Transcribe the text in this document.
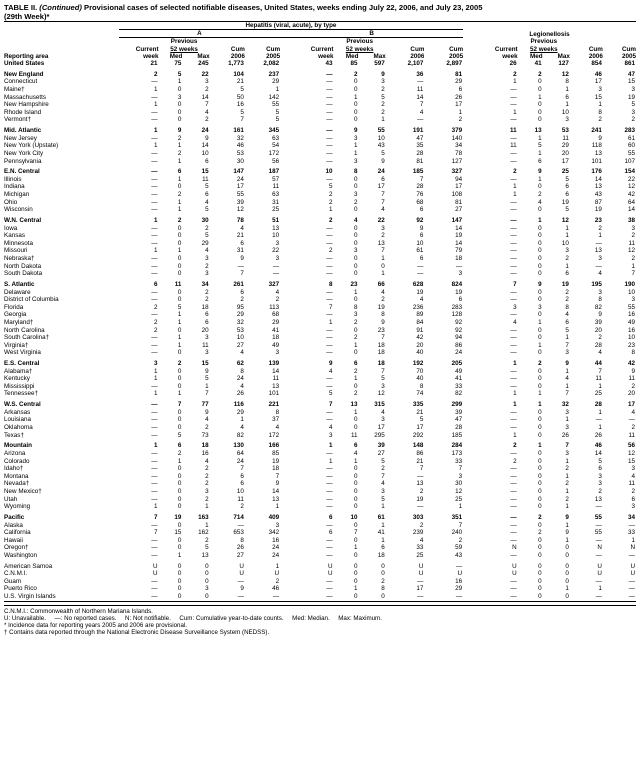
TABLE II. (Continued) Provisional cases of selected notifiable diseases, United States, weeks ending July 22, 2006, and July 23, 2005
(29th Week)*
	Hepatitis (viral, acute), by type										Legionellosis				
	A					B									
		Previous					Previous					Previous			
	Current	52 weeks		Cum	Cum	Current	52 weeks		Cum	Cum	Current	52 weeks		Cum	Cum
Reporting area	week	Med	Max	2006	2005	week	Med	Max	2006	2005	week	Med	Max	2006	2005
United States	21	75	245	1,773	2,082	43	85	597	2,107	2,897	26	41	127	854	861
New England	2	5	22	104	237	—	2	9	36	81	2	2	12	46	47
Connecticut	—	1	3	21	29	—	0	3	—	29	1	0	8	17	15
Maine†	1	0	2	5	1	—	0	2	11	6	—	0	1	3	3
Massachusetts	—	3	14	50	142	—	1	5	14	26	—	1	6	15	19
New Hampshire	1	0	7	16	55	—	0	2	7	17	—	0	1	1	5
Rhode Island	—	0	4	5	5	—	0	2	4	1	1	0	10	8	3
Vermont†	—	0	2	7	5	—	0	1	—	2	—	0	3	2	2
Mid. Atlantic	1	9	24	161	345	—	9	55	191	379	11	13	53	241	283
New Jersey	—	2	9	32	63	—	3	10	47	140	—	1	11	9	61
New York (Upstate)	1	1	14	46	54	—	1	43	35	34	11	5	29	118	60
New York City	—	2	10	53	172	—	1	5	28	78	—	1	20	13	55
Pennsylvania	—	1	6	30	56	—	3	9	81	127	—	6	17	101	107
E.N. Central	—	6	15	147	187	10	8	24	185	327	2	9	25	176	154
Illinois	—	1	11	24	57	—	0	6	7	94	—	1	5	14	22
Indiana	—	0	5	17	11	5	0	17	28	17	1	0	6	13	12
Michigan	—	2	6	55	63	2	3	7	76	108	1	2	6	43	42
Ohio	—	1	4	39	31	2	2	7	68	81	—	4	19	87	64
Wisconsin	—	1	5	12	25	1	0	4	6	27	—	0	5	19	14
W.N. Central	1	2	30	78	51	2	4	22	92	147	—	1	12	23	38
Iowa	—	0	2	4	13	—	0	3	9	14	—	0	1	2	3
Kansas	—	0	5	21	10	—	0	2	6	19	—	0	1	1	2
Minnesota	—	0	29	6	3	—	0	13	10	14	—	0	10	—	11
Missouri	1	1	4	31	22	2	3	7	61	79	—	0	3	13	12
Nebraska†	—	0	3	9	3	—	0	1	6	18	—	0	2	3	2
North Dakota	—	0	2	—	—	—	0	0	—	—	—	0	1	—	1
South Dakota	—	0	3	7	—	—	0	1	—	3	—	0	6	4	7
S. Atlantic	6	11	34	261	327	8	23	66	628	824	7	9	19	195	190
Delaware	—	0	2	6	4	—	1	4	19	19	—	0	2	3	10
District of Columbia	—	0	2	2	2	—	0	2	4	6	—	0	2	8	3
Florida	2	5	18	95	113	7	8	19	236	283	3	3	8	82	55
Georgia	—	1	6	29	68	—	3	8	89	128	—	0	4	9	16
Maryland†	2	1	6	32	29	1	2	9	84	92	4	1	6	39	49
North Carolina	2	0	20	53	41	—	0	23	91	92	—	0	5	20	16
South Carolina†	—	1	3	10	18	—	2	7	42	94	—	0	1	2	10
Virginia†	—	1	11	27	49	—	1	18	20	86	—	1	7	28	23
West Virginia	—	0	3	4	3	—	0	18	40	24	—	0	3	4	8
E.S. Central	3	2	15	62	139	9	6	18	192	205	1	2	9	44	42
Alabama†	1	0	9	8	14	4	2	7	70	49	—	0	1	7	9
Kentucky	1	0	5	24	11	—	1	5	40	41	—	0	4	11	11
Mississippi	—	0	1	4	13	—	0	3	8	33	—	0	1	1	2
Tennessee†	1	1	7	26	101	5	2	12	74	82	1	1	7	25	20
W.S. Central	—	7	77	116	221	7	13	315	335	299	1	1	32	28	17
Arkansas	—	0	9	29	8	—	1	4	21	39	—	0	3	1	4
Louisiana	—	0	4	1	37	—	0	3	5	47	—	0	1	—	—
Oklahoma	—	0	2	4	4	4	0	17	17	28	—	0	3	1	2
Texas†	—	5	73	82	172	3	11	295	292	185	1	0	26	26	11
Mountain	1	6	18	130	166	1	6	39	148	284	2	1	7	46	56
Arizona	—	2	16	64	85	—	4	27	86	173	—	0	3	14	12
Colorado	—	1	4	24	19	1	1	5	21	33	2	0	1	5	15
Idaho†	—	0	2	7	18	—	0	2	7	7	—	0	2	6	3
Montana	—	0	2	6	7	—	0	7	—	3	—	0	1	3	4
Nevada†	—	0	2	6	9	—	0	4	13	30	—	0	2	3	11
New Mexico†	—	0	3	10	14	—	0	3	2	12	—	0	1	2	2
Utah	—	0	2	11	13	—	0	5	19	25	—	0	2	13	6
Wyoming	1	0	1	2	1	—	0	1	—	1	—	0	1	—	3
Pacific	7	19	163	714	409	6	10	61	303	351	—	2	9	55	34
Alaska	—	0	1	—	3	—	0	1	2	7	—	0	1	—	—
California	7	15	162	653	342	6	7	41	239	240	—	2	9	55	33
Hawaii	—	0	2	8	16	—	0	1	4	2	—	0	1	—	1
Oregon†	—	0	5	26	24	—	1	6	33	59	N	0	0	N	N
Washington	—	1	13	27	24	—	0	18	25	43	—	0	0	—	—
American Samoa	U	0	0	U	1	U	0	0	U	—	U	0	0	U	U
C.N.M.I.	U	0	0	U	U	U	0	0	U	U	U	0	0	U	U
Guam	—	0	0	—	2	—	0	2	—	16	—	0	0	—	—
Puerto Rico	—	0	3	9	46	—	1	8	17	29	—	0	1	1	—
U.S. Virgin Islands	—	0	0	—	—	—	0	0	—	—	—	0	0	—	—
C.N.M.I.: Commonwealth of Northern Mariana Islands.
U: Unavailable.     —: No reported cases.     N: Not notifiable.     Cum: Cumulative year-to-date counts.     Med: Median.     Max: Maximum.
* Incidence data for reporting years 2005 and 2006 are provisional.
† Contains data reported through the National Electronic Disease Surveillance System (NEDSS).
